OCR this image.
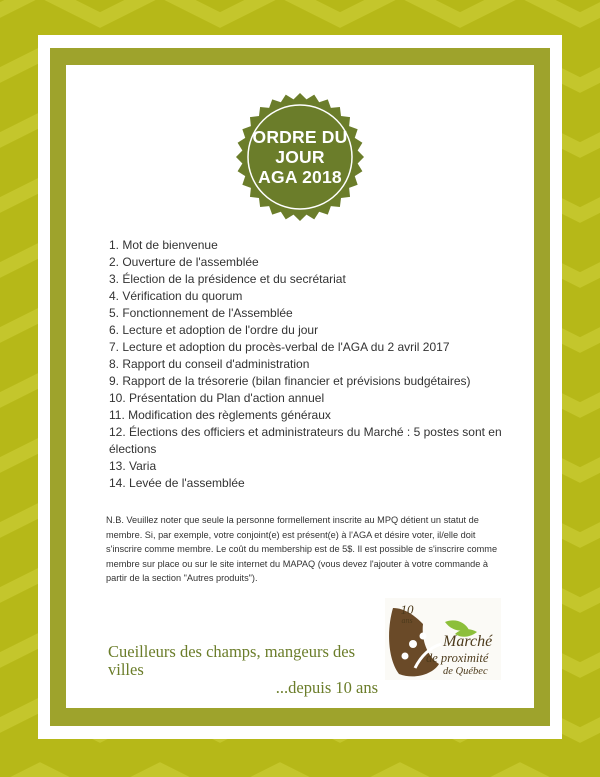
ORDRE DU
JOUR
AGA 2018
1. Mot de bienvenue
2. Ouverture de l'assemblée
3. Élection de la présidence et du secrétariat
4. Vérification du quorum
5. Fonctionnement de l'Assemblée
6. Lecture et adoption de l'ordre du jour
7. Lecture et adoption du procès-verbal de l'AGA du 2 avril 2017
8. Rapport du conseil d'administration
9. Rapport de la trésorerie (bilan financier et prévisions budgétaires)
10. Présentation du Plan d'action annuel
11. Modification des règlements généraux
12. Élections des officiers et administrateurs du Marché : 5 postes sont en élections
13. Varia
14. Levée de l'assemblée

N.B. Veuillez noter que seule la personne formellement inscrite au MPQ détient un statut de membre. Si, par exemple, votre conjoint(e) est présent(e) à l'AGA et désire voter, il/elle doit s'inscrire comme membre. Le coût du membership est de 5$. Il est possible de s'inscrire comme membre sur place ou sur le site internet du MAPAQ (vous devez l'ajouter à votre commande à partir de la section "Autres produits").

Cueilleurs des champs, mangeurs des villes
...depuis 10 ans
10
ans
Marché
de proximité
de Québec
